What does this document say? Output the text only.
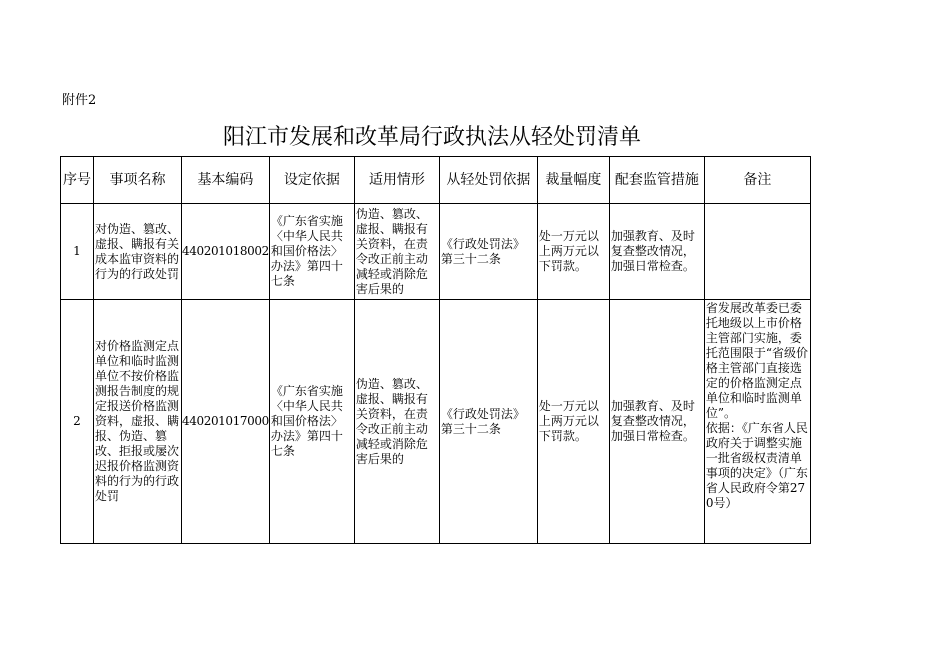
附件2
阳江市发展和改革局行政执法从轻处罚清单
序号	事项名称	基本编码	设定依据	适用情形	从轻处罚依据	裁量幅度	配套监管措施	备注
1	对伪造、篡改、虚报、瞒报有关成本监审资料的行为的行政处罚	440201018002	《广东省实施〈中华人民共和国价格法〉办法》第四十七条	伪造、篡改、虚报、瞒报有关资料，在责令改正前主动减轻或消除危害后果的	《行政处罚法》第三十二条	处一万元以上两万元以下罚款。	加强教育、及时复查整改情况，加强日常检查。	
2	对价格监测定点单位和临时监测单位不按价格监测报告制度的规定报送价格监测资料，虚报、瞒报、伪造、篡改、拒报或屡次迟报价格监测资料的行为的行政处罚	440201017000	《广东省实施〈中华人民共和国价格法〉办法》第四十七条	伪造、篡改、虚报、瞒报有关资料，在责令改正前主动减轻或消除危害后果的	《行政处罚法》第三十二条	处一万元以上两万元以下罚款。	加强教育、及时复查整改情况，加强日常检查。	省发展改革委已委托地级以上市价格主管部门实施，委托范围限于“省级价格主管部门直接选定的价格监测定点单位和临时监测单位”。

依据：《广东省人民政府关于调整实施一批省级权责清单事项的决定》（广东省人民政府令第270号）
